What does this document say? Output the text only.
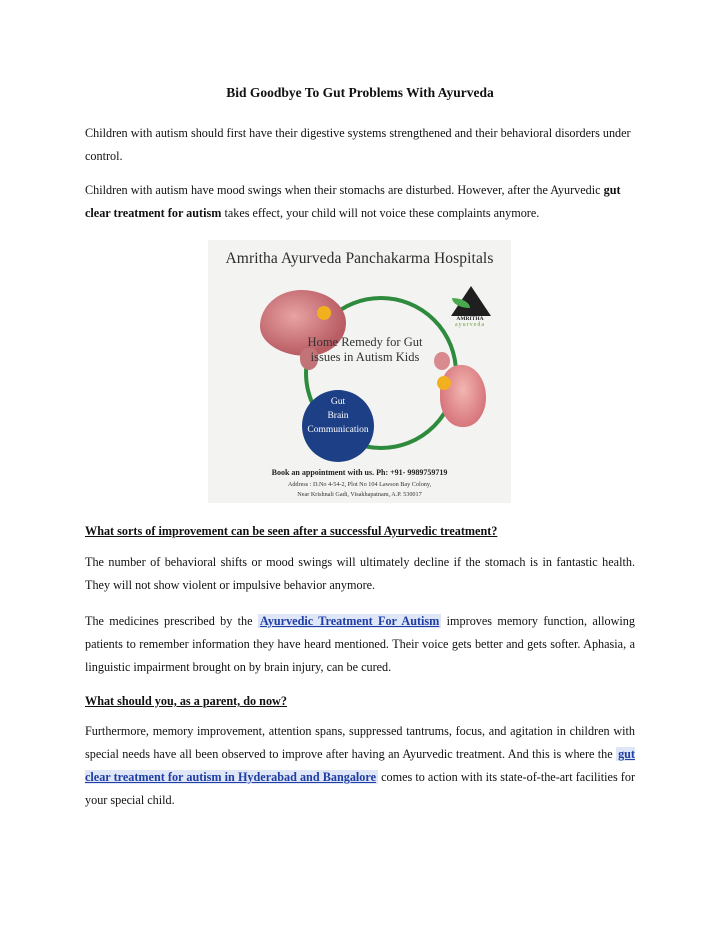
Bid Goodbye To Gut Problems With Ayurveda

Children with autism should first have their digestive systems strengthened and their behavioral disorders under control.

Children with autism have mood swings when their stomachs are disturbed. However, after the Ayurvedic gut clear treatment for autism takes effect, your child will not voice these complaints anymore.

Amritha Ayurveda Panchakarma Hospitals
AMRITHA
ayurveda
Home Remedy for Gut
issues in Autism Kids
Gut
Brain
Communication
Book an appointment with us. Ph: +91- 9989759719
Address : D.No 4-54-2, Plot No 104 Lawson Bay Colony,
Near Krishnali Gadi, Visakhapatnam, A.P. 530017

What sorts of improvement can be seen after a successful Ayurvedic treatment?

The number of behavioral shifts or mood swings will ultimately decline if the stomach is in fantastic health. They will not show violent or impulsive behavior anymore.

The medicines prescribed by the Ayurvedic Treatment For Autism improves memory function, allowing patients to remember information they have heard mentioned. Their voice gets better and gets softer. Aphasia, a linguistic impairment brought on by brain injury, can be cured.

What should you, as a parent, do now?

Furthermore, memory improvement, attention spans, suppressed tantrums, focus, and agitation in children with special needs have all been observed to improve after having an Ayurvedic treatment. And this is where the gut clear treatment for autism in Hyderabad and Bangalore comes to action with its state-of-the-art facilities for your special child.
